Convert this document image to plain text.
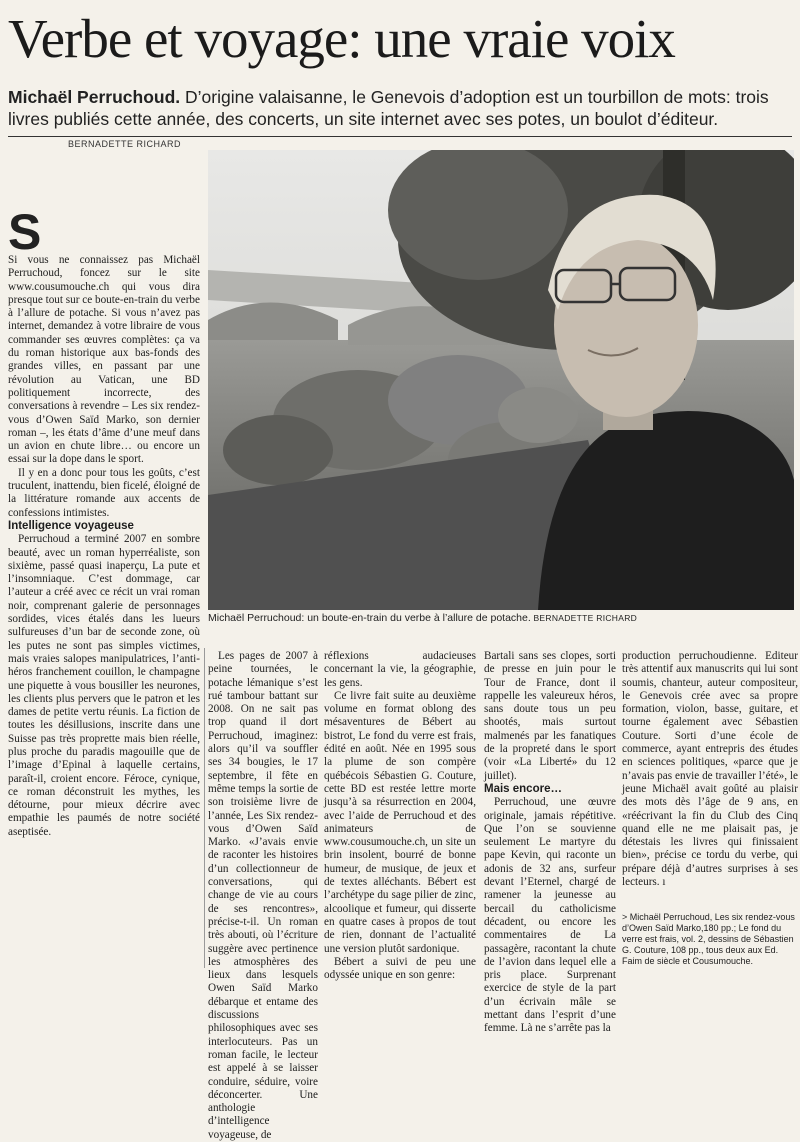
Verbe et voyage: une vraie voix
Michaël Perruchoud. D’origine valaisanne, le Genevois d’adoption est un tourbillon de mots: trois livres publiés cette année, des concerts, un site internet avec ses potes, un boulot d’éditeur.
BERNADETTE RICHARD
Michaël Perruchoud: un boute-en-train du verbe à l’allure de potache. BERNADETTE RICHARD
S

Si vous ne connaissez pas Michaël Perruchoud, foncez sur le site www.cousumouche.ch qui vous dira presque tout sur ce boute-en-train du verbe à l’allure de potache. Si vous n’avez pas internet, demandez à votre libraire de vous commander ses œuvres complètes: ça va du roman historique aux bas-fonds des grandes villes, en passant par une révolution au Vatican, une BD politiquement incorrecte, des conversations à revendre – Les six rendez-vous d’Owen Saïd Marko, son dernier roman –, les états d’âme d’une meuf dans un avion en chute libre… ou encore un essai sur la dope dans le sport.

Il y en a donc pour tous les goûts, c’est truculent, inattendu, bien ficelé, éloigné de la littérature romande aux accents de confessions intimistes.

Intelligence voyageuse

Perruchoud a terminé 2007 en sombre beauté, avec un roman hyperréaliste, son sixième, passé quasi inaperçu, La pute et l’insomniaque. C’est dommage, car l’auteur a créé avec ce récit un vrai roman noir, comprenant galerie de personnages sordides, vices étalés dans les lueurs sulfureuses d’un bar de seconde zone, où les putes ne sont pas simples victimes, mais vraies salopes manipulatrices, l’anti-héros franchement couillon, le champagne une piquette à vous bousiller les neurones, les clients plus pervers que le patron et les dames de petite vertu réunis. La fiction de toutes les désillusions, inscrite dans une Suisse pas très proprette mais bien réelle, plus proche du paradis magouille que de l’image d’Epinal à laquelle certains, paraît-il, croient encore. Féroce, cynique, ce roman déconstruit les mythes, les détourne, pour mieux décrire avec empathie les paumés de notre société aseptisée.

Les pages de 2007 à peine tournées, le potache lémanique s’est rué tambour battant sur 2008. On ne sait pas trop quand il dort Perruchoud, imaginez: alors qu’il va souffler ses 34 bougies, le 17 septembre, il fête en même temps la sortie de son troisième livre de l’année, Les Six rendez-vous d’Owen Saïd Marko. «J’avais envie de raconter les histoires d’un collectionneur de conversations, qui change de vie au cours de ses rencontres», précise-t-il. Un roman très abouti, où l’écriture suggère avec pertinence les atmosphères des lieux dans lesquels Owen Saïd Marko débarque et entame des discussions philosophiques avec ses interlocuteurs. Pas un roman facile, le lecteur est appelé à se laisser conduire, séduire, voire déconcerter. Une anthologie d’intelligence voyageuse, de

réflexions audacieuses concernant la vie, la géographie, les gens.

Ce livre fait suite au deuxième volume en format oblong des mésaventures de Bébert au bistrot, Le fond du verre est frais, édité en août. Née en 1995 sous la plume de son compère québécois Sébastien G. Couture, cette BD est restée lettre morte jusqu’à sa résurrection en 2004, avec l’aide de Perruchoud et des animateurs de www.cousumouche.ch, un site un brin insolent, bourré de bonne humeur, de musique, de jeux et de textes alléchants. Bébert est l’archétype du sage pilier de zinc, alcoolique et fumeur, qui disserte en quatre cases à propos de tout de rien, donnant de l’actualité une version plutôt sardonique.

Bébert a suivi de peu une odyssée unique en son genre:

Bartali sans ses clopes, sorti de presse en juin pour le Tour de France, dont il rappelle les valeureux héros, sans doute tous un peu shootés, mais surtout malmenés par les fanatiques de la propreté dans le sport (voir «La Liberté» du 12 juillet).

Mais encore…

Perruchoud, une œuvre originale, jamais répétitive. Que l’on se souvienne seulement Le martyre du pape Kevin, qui raconte un adonis de 32 ans, surfeur devant l’Eternel, chargé de ramener la jeunesse au bercail du catholicisme décadent, ou encore les commentaires de La passagère, racontant la chute de l’avion dans lequel elle a pris place. Surprenant exercice de style de la part d’un écrivain mâle se mettant dans l’esprit d’une femme. Là ne s’arrête pas la

production perruchoudienne. Editeur très attentif aux manuscrits qui lui sont soumis, chanteur, auteur compositeur, le Genevois crée avec sa propre formation, violon, basse, guitare, et tourne également avec Sébastien Couture. Sorti d’une école de commerce, ayant entrepris des études en sciences politiques, «parce que je n’avais pas envie de travailler l’été», le jeune Michaël avait goûté au plaisir des mots dès l’âge de 9 ans, en «réécrivant la fin du Club des Cinq quand elle ne me plaisait pas, je détestais les livres qui finissaient bien», précise ce tordu du verbe, qui prépare déjà d’autres surprises à ses lecteurs. ı

> Michaël Perruchoud, Les six rendez-vous d’Owen Saïd Marko,180 pp.; Le fond du verre est frais, vol. 2, dessins de Sébastien G. Couture, 108 pp., tous deux aux Ed. Faim de siècle et Cousumouche.
